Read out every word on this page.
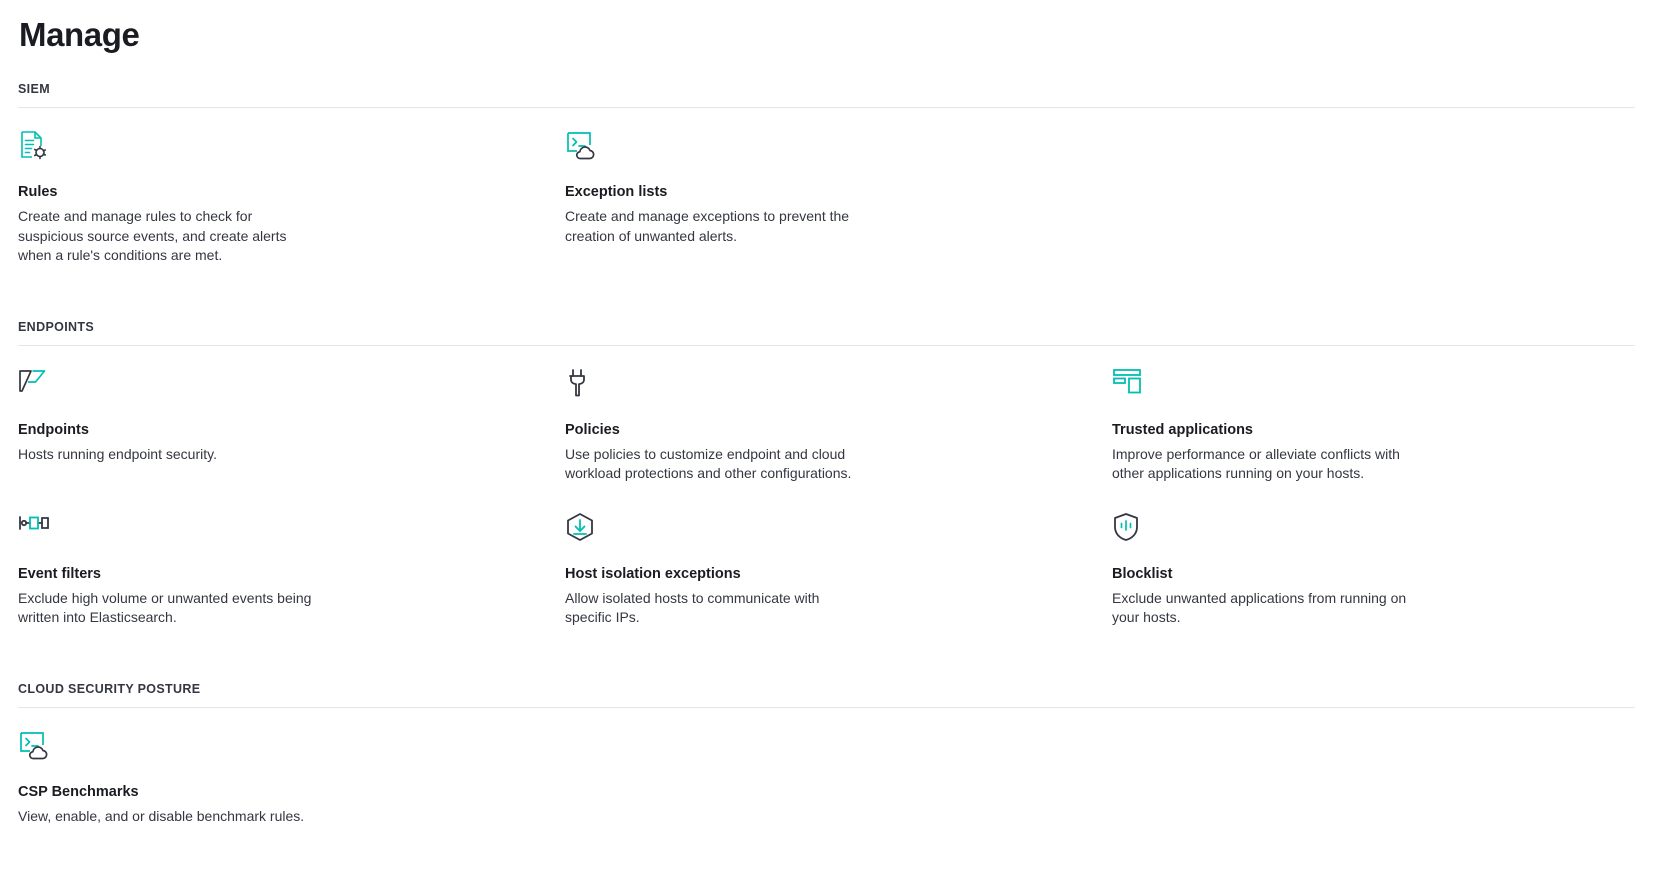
Manage
SIEM
Rules
Create and manage rules to check for suspicious source events, and create alerts when a rule's conditions are met.
Exception lists
Create and manage exceptions to prevent the creation of unwanted alerts.
ENDPOINTS
Endpoints
Hosts running endpoint security.
Policies
Use policies to customize endpoint and cloud workload protections and other configurations.
Trusted applications
Improve performance or alleviate conflicts with other applications running on your hosts.
Event filters
Exclude high volume or unwanted events being written into Elasticsearch.
Host isolation exceptions
Allow isolated hosts to communicate with specific IPs.
Blocklist
Exclude unwanted applications from running on your hosts.
CLOUD SECURITY POSTURE
CSP Benchmarks
View, enable, and or disable benchmark rules.
